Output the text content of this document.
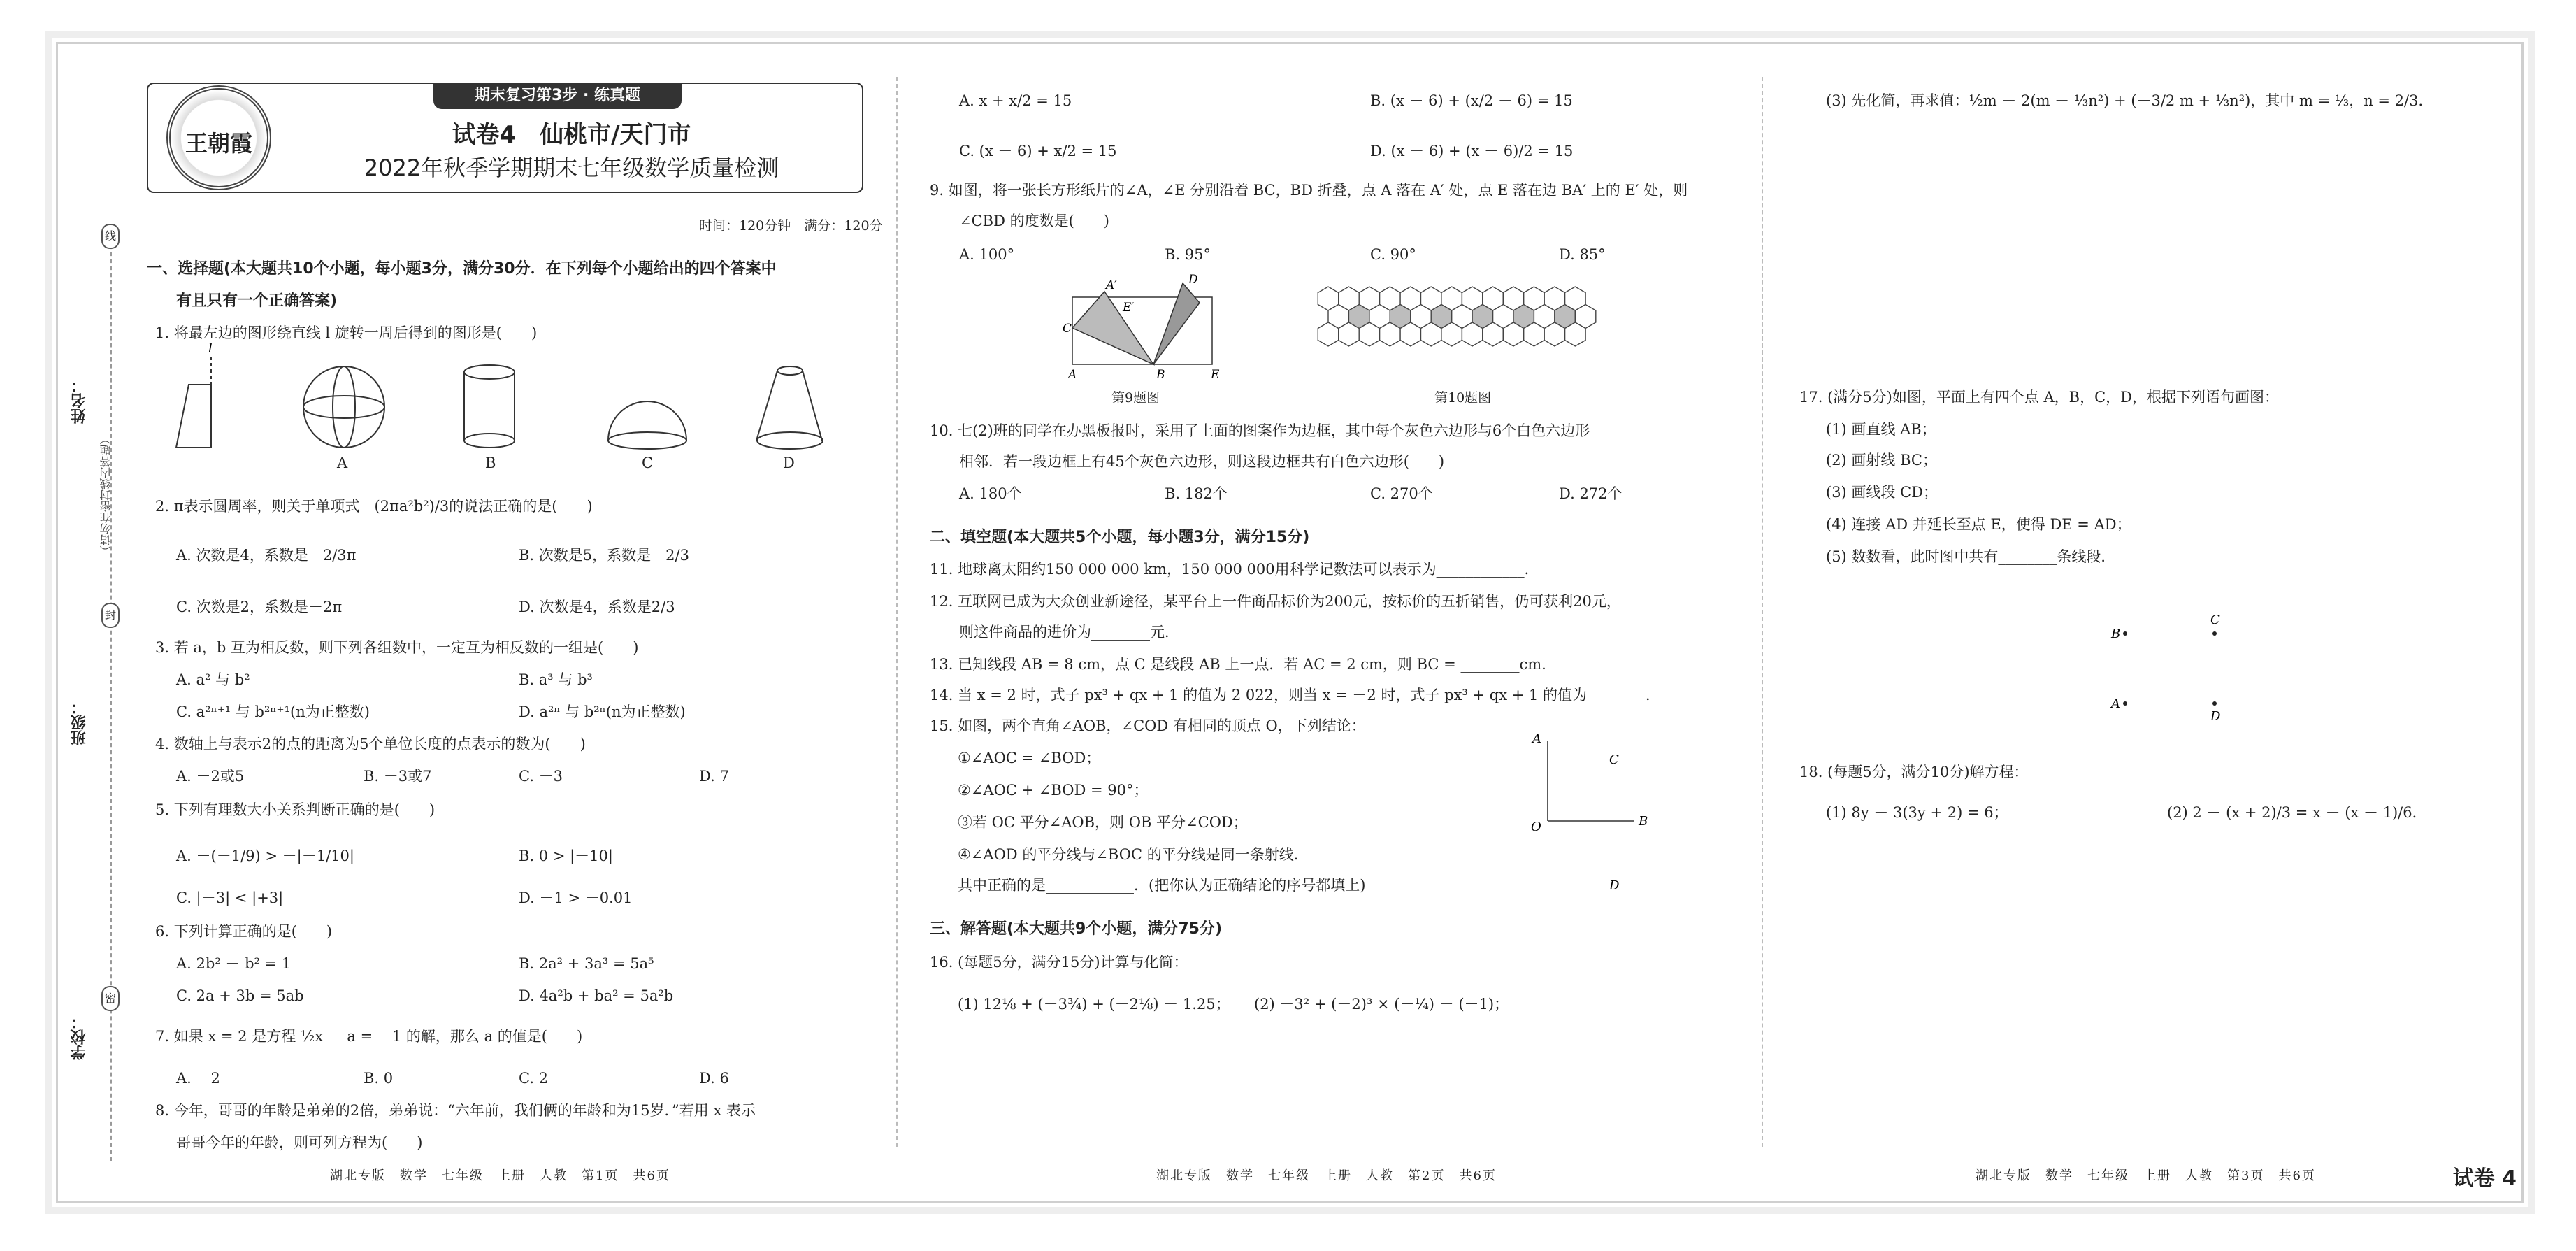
线
封
密
（请勿在密封线内答题）
姓名：
班级：
学校：
王朝霞
期末复习第3步 · 练真题
试卷4　仙桃市/天门市
2022年秋季学期期末七年级数学质量检测
时间：120分钟　满分：120分
一、选择题(本大题共10个小题，每小题3分，满分30分．在下列每个小题给出的四个答案中
有且只有一个正确答案)
1. 将最左边的图形绕直线 l 旋转一周后得到的图形是(　　)
l
A	B	C	D
2. π表示圆周率，则关于单项式－(2πa²b²)/3的说法正确的是(　　)
A. 次数是4，系数是－2/3π	B. 次数是5，系数是－2/3
C. 次数是2，系数是－2π	D. 次数是4，系数是2/3
3. 若 a，b 互为相反数，则下列各组数中，一定互为相反数的一组是(　　)
A. a² 与 b²	B. a³ 与 b³
C. a²ⁿ⁺¹ 与 b²ⁿ⁺¹(n为正整数)	D. a²ⁿ 与 b²ⁿ(n为正整数)
4. 数轴上与表示2的点的距离为5个单位长度的点表示的数为(　　)
A. －2或5	B. －3或7	C. －3	D. 7
5. 下列有理数大小关系判断正确的是(　　)
A. －(－1/9) > －|－1/10|	B. 0 > |－10|
C. |－3| < |+3|	D. －1 > －0.01
6. 下列计算正确的是(　　)
A. 2b² － b² = 1	B. 2a² + 3a³ = 5a⁵
C. 2a + 3b = 5ab	D. 4a²b + ba² = 5a²b
7. 如果 x = 2 是方程 ½x － a = －1 的解，那么 a 的值是(　　)
A. －2	B. 0	C. 2	D. 6
8. 今年，哥哥的年龄是弟弟的2倍，弟弟说：“六年前，我们俩的年龄和为15岁．”若用 x 表示
哥哥今年的年龄，则可列方程为(　　)
A. x + x/2 = 15	B. (x － 6) + (x/2 － 6) = 15
C. (x － 6) + x/2 = 15	D. (x － 6) + (x － 6)/2 = 15
9. 如图，将一张长方形纸片的∠A，∠E 分别沿着 BC，BD 折叠，点 A 落在 A′ 处，点 E 落在边 BA′ 上的 E′ 处，则
∠CBD 的度数是(　　)
A. 100°	B. 95°	C. 90°	D. 85°
A′
E′
D
C
A	B	E
第9题图	第10题图
10. 七(2)班的同学在办黑板报时，采用了上面的图案作为边框，其中每个灰色六边形与6个白色六边形
相邻．若一段边框上有45个灰色六边形，则这段边框共有白色六边形(　　)
A. 180个	B. 182个	C. 270个	D. 272个
二、填空题(本大题共5个小题，每小题3分，满分15分)
11. 地球离太阳约150 000 000 km，150 000 000用科学记数法可以表示为____________．
12. 互联网已成为大众创业新途径，某平台上一件商品标价为200元，按标价的五折销售，仍可获利20元，
则这件商品的进价为________元．
13. 已知线段 AB = 8 cm，点 C 是线段 AB 上一点．若 AC = 2 cm，则 BC = ________cm.
14. 当 x = 2 时，式子 px³ + qx + 1 的值为 2 022，则当 x = －2 时，式子 px³ + qx + 1 的值为________．
15. 如图，两个直角∠AOB，∠COD 有相同的顶点 O，下列结论：
①∠AOC = ∠BOD；
②∠AOC + ∠BOD = 90°；
③若 OC 平分∠AOB，则 OB 平分∠COD；
④∠AOD 的平分线与∠BOC 的平分线是同一条射线．
其中正确的是____________．(把你认为正确结论的序号都填上)
A
C
O	B
D
三、解答题(本大题共9个小题，满分75分)
16. (每题5分，满分15分)计算与化简：
(1) 12⅛ + (－3¾) + (－2⅛) － 1.25； (2) －3² + (－2)³ × (－¼) － (－1)；
(3) 先化简，再求值：½m － 2(m － ⅓n²) + (－3/2 m + ⅓n²)，其中 m = ⅓，n = 2/3．
17. (满分5分)如图，平面上有四个点 A，B，C，D，根据下列语句画图：
(1) 画直线 AB；
(2) 画射线 BC；
(3) 画线段 CD；
(4) 连接 AD 并延长至点 E，使得 DE = AD；
(5) 数数看，此时图中共有________条线段．
B
C
A
D
18. (每题5分，满分10分)解方程：
(1) 8y － 3(3y + 2) = 6；	(2) 2 － (x + 2)/3 = x － (x － 1)/6．
湖北专版　数学　七年级　上册　人教　第1页　共6页	湖北专版　数学　七年级　上册　人教　第2页　共6页	湖北专版　数学　七年级　上册　人教　第3页　共6页	试卷 4
